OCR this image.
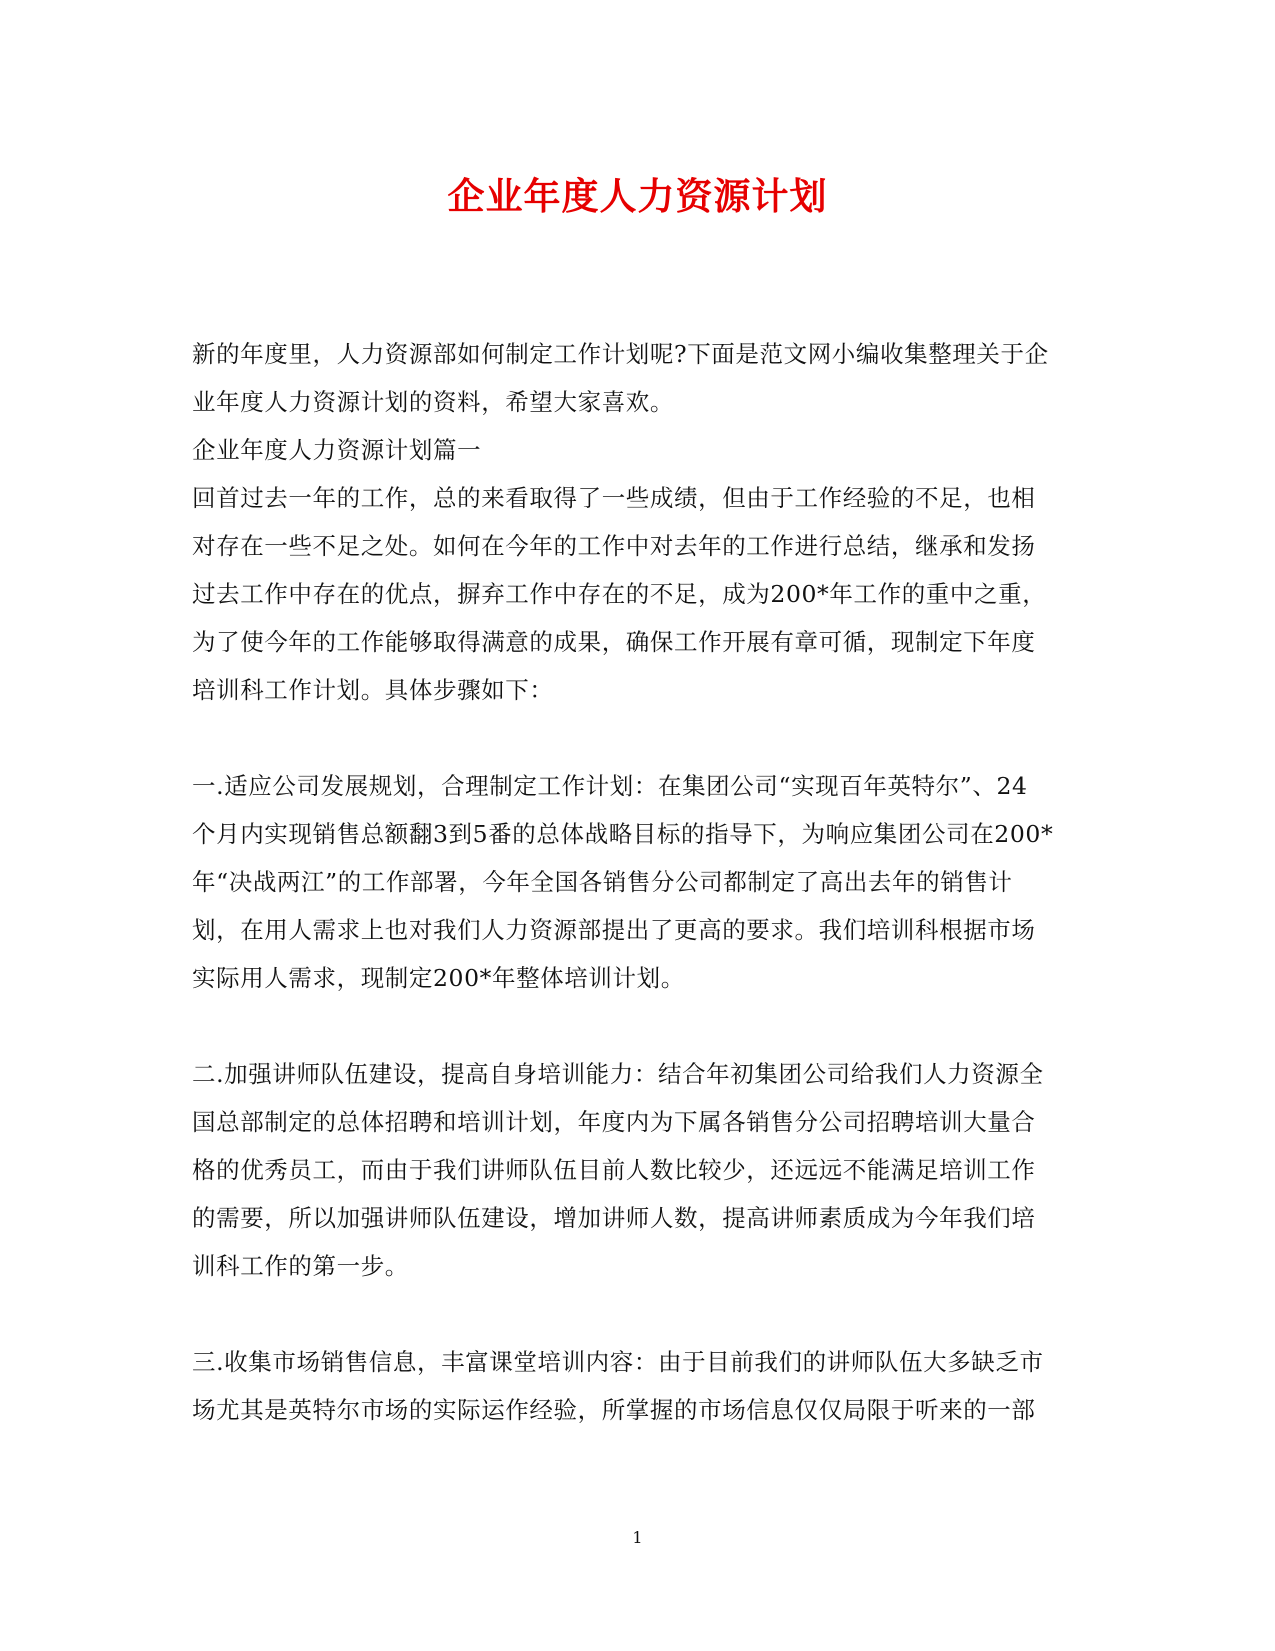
企业年度人力资源计划
新的年度里，人力资源部如何制定工作计划呢?下面是范文网小编收集整理关于企
业年度人力资源计划的资料，希望大家喜欢。
企业年度人力资源计划篇一
回首过去一年的工作，总的来看取得了一些成绩，但由于工作经验的不足，也相
对存在一些不足之处。如何在今年的工作中对去年的工作进行总结，继承和发扬
过去工作中存在的优点，摒弃工作中存在的不足，成为200*年工作的重中之重，
为了使今年的工作能够取得满意的成果，确保工作开展有章可循，现制定下年度
培训科工作计划。具体步骤如下：
一.适应公司发展规划，合理制定工作计划：在集团公司“实现百年英特尔”、24
个月内实现销售总额翻3到5番的总体战略目标的指导下，为响应集团公司在200*
年“决战两江”的工作部署，今年全国各销售分公司都制定了高出去年的销售计
划，在用人需求上也对我们人力资源部提出了更高的要求。我们培训科根据市场
实际用人需求，现制定200*年整体培训计划。
二.加强讲师队伍建设，提高自身培训能力：结合年初集团公司给我们人力资源全
国总部制定的总体招聘和培训计划，年度内为下属各销售分公司招聘培训大量合
格的优秀员工，而由于我们讲师队伍目前人数比较少，还远远不能满足培训工作
的需要，所以加强讲师队伍建设，增加讲师人数，提高讲师素质成为今年我们培
训科工作的第一步。
三.收集市场销售信息，丰富课堂培训内容：由于目前我们的讲师队伍大多缺乏市
场尤其是英特尔市场的实际运作经验，所掌握的市场信息仅仅局限于听来的一部
1
